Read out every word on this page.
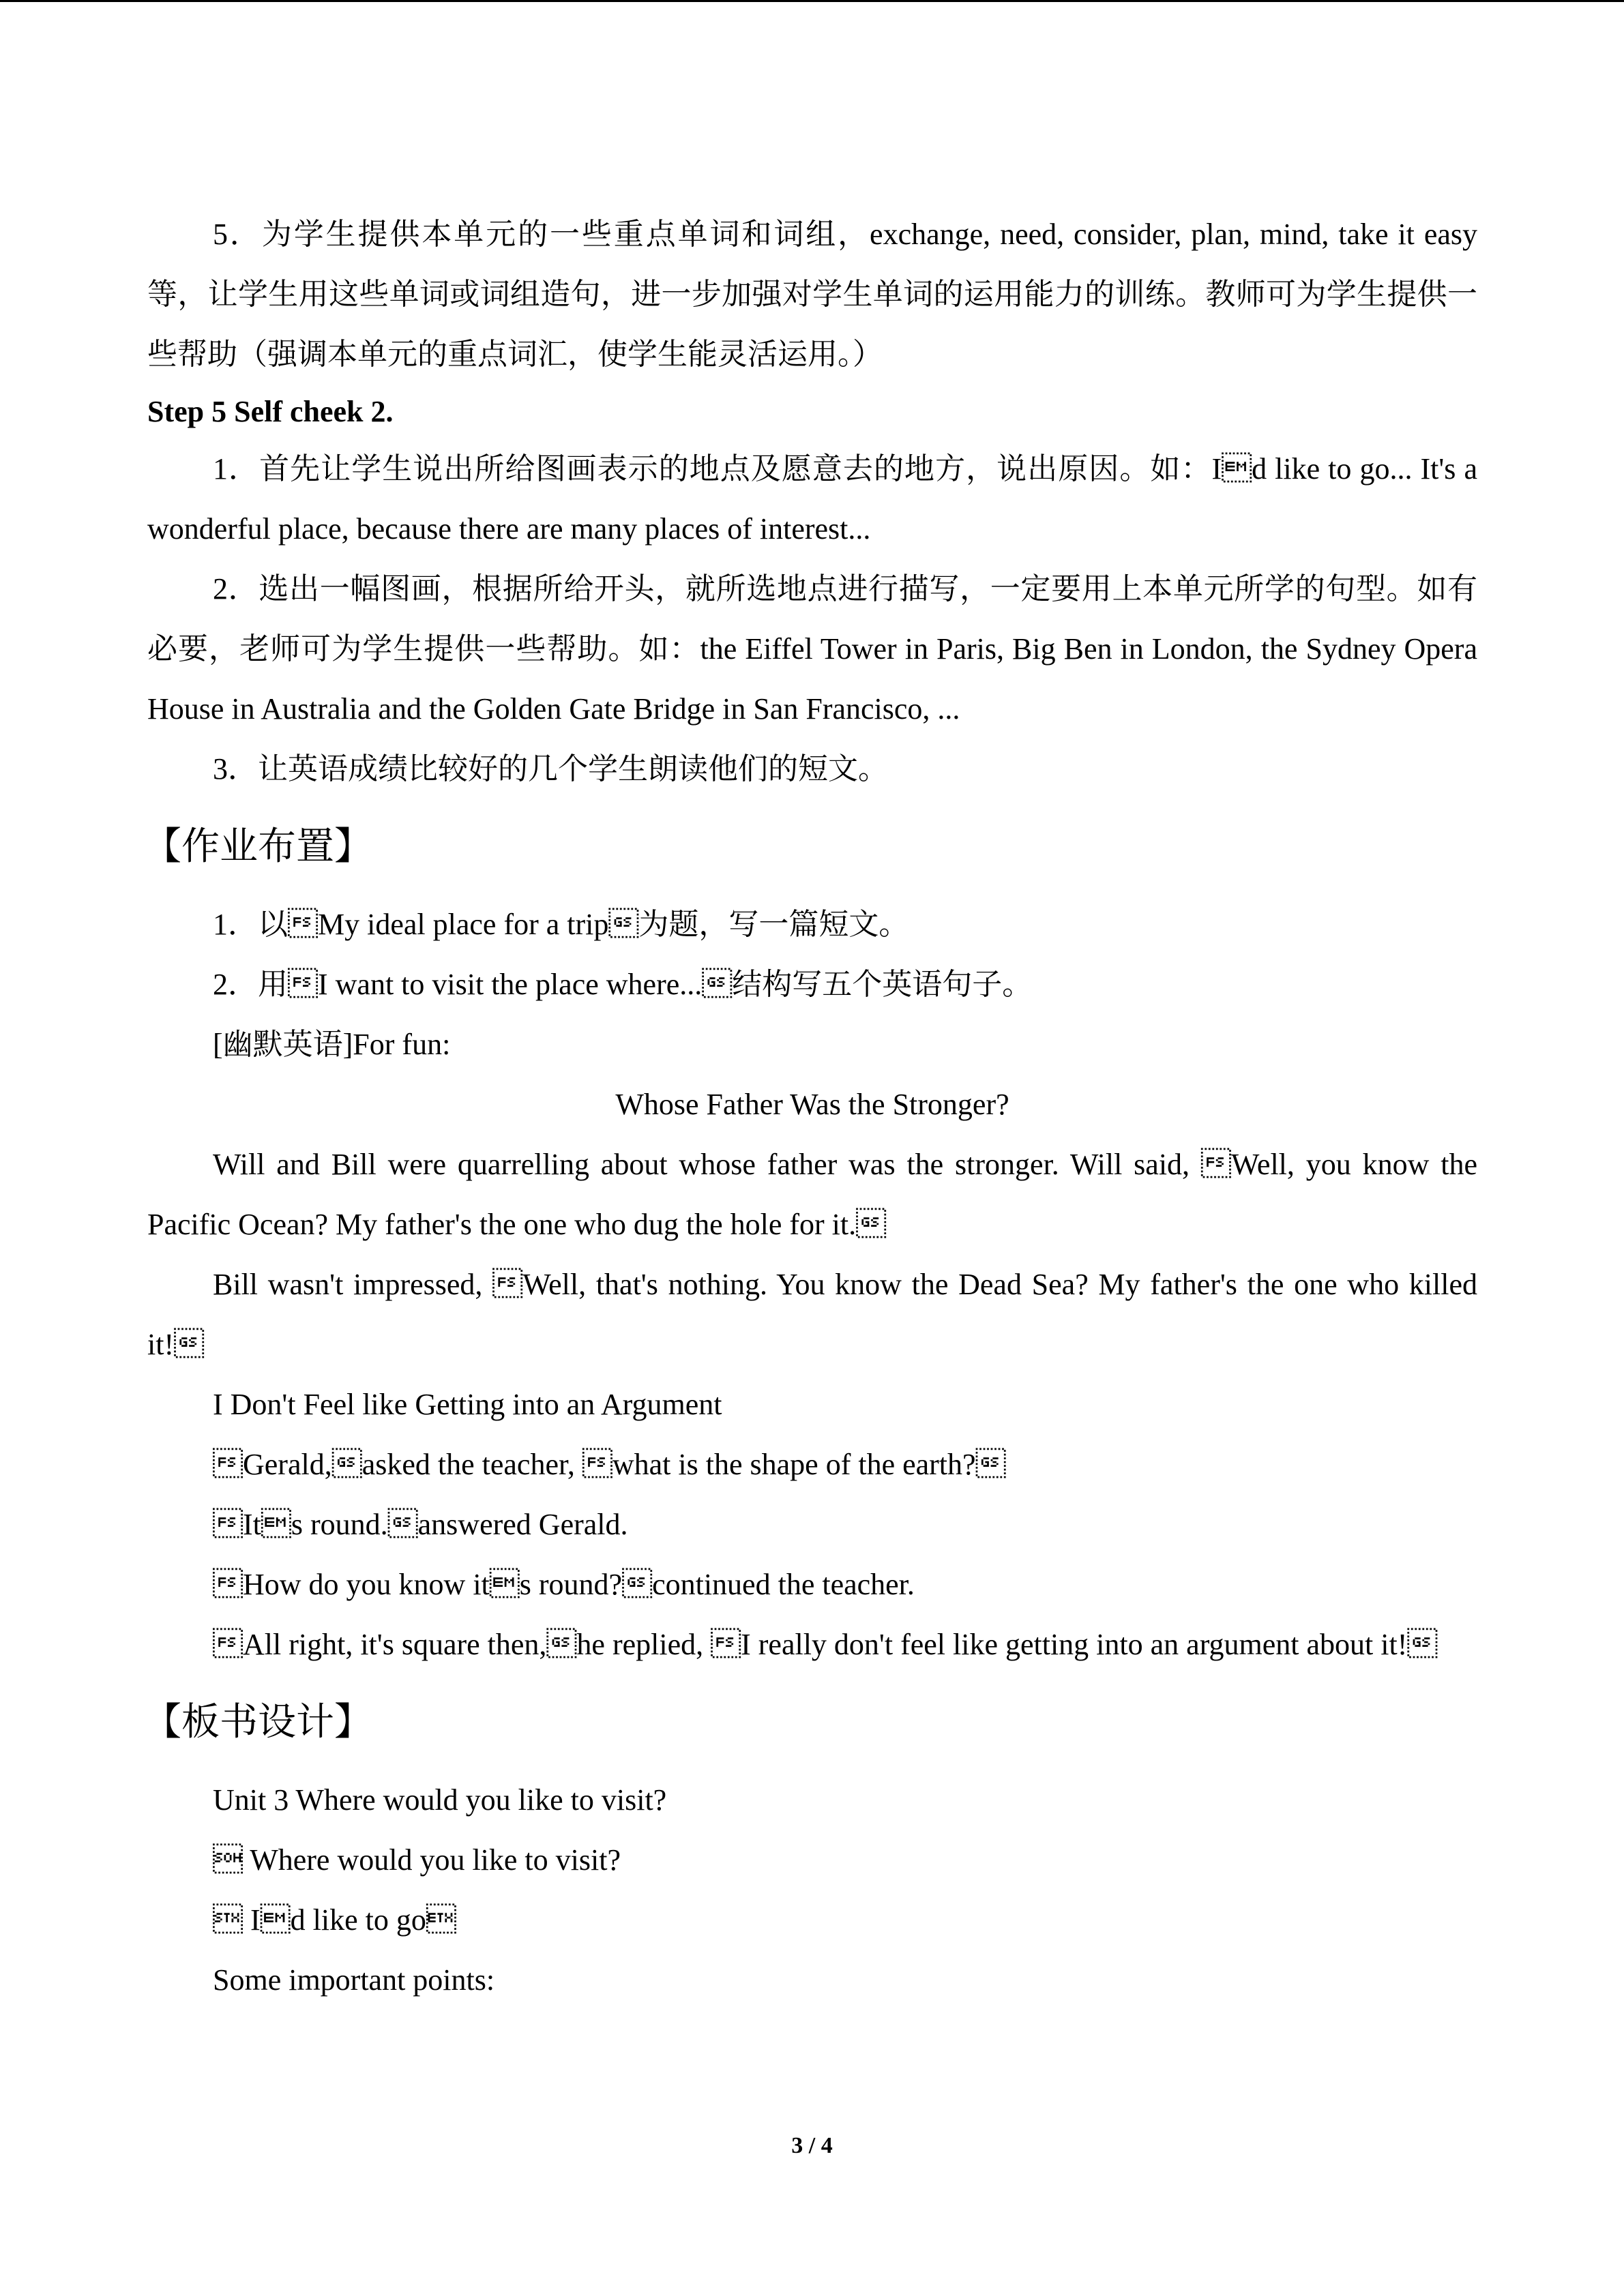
5．为学生提供本单元的一些重点单词和词组，exchange, need, consider, plan, mind, take it easy 等，让学生用这些单词或词组造句，进一步加强对学生单词的运用能力的训练。教师可为学生提供一些帮助（强调本单元的重点词汇，使学生能灵活运用。）

Step 5 Self cheek 2.

1．首先让学生说出所给图画表示的地点及愿意去的地方，说出原因。如：Id like to go... It's a wonderful place, because there are many places of interest...

2．选出一幅图画，根据所给开头，就所选地点进行描写，一定要用上本单元所学的句型。如有必要，老师可为学生提供一些帮助。如：the Eiffel Tower in Paris, Big Ben in London, the Sydney Opera House in Australia and the Golden Gate Bridge in San Francisco, ...

3．让英语成绩比较好的几个学生朗读他们的短文。

【作业布置】

1．以My ideal place for a trip为题，写一篇短文。

2．用I want to visit the place where...结构写五个英语句子。

[幽默英语]For fun:

Whose Father Was the Stronger?

Will and Bill were quarrelling about whose father was the stronger. Will said, Well, you know the Pacific Ocean? My father's the one who dug the hole for it.

Bill wasn't impressed, Well, that's nothing. You know the Dead Sea? My father's the one who killed it!

I Don't Feel like Getting into an Argument

Gerald,asked the teacher, what is the shape of the earth?

Its round.answered Gerald.

How do you know its round?continued the teacher.

All right, it's square then,he replied, I really don't feel like getting into an argument about it!

【板书设计】

Unit 3 Where would you like to visit?

 Where would you like to visit?

 Id like to go

Some important points:

3 / 4
